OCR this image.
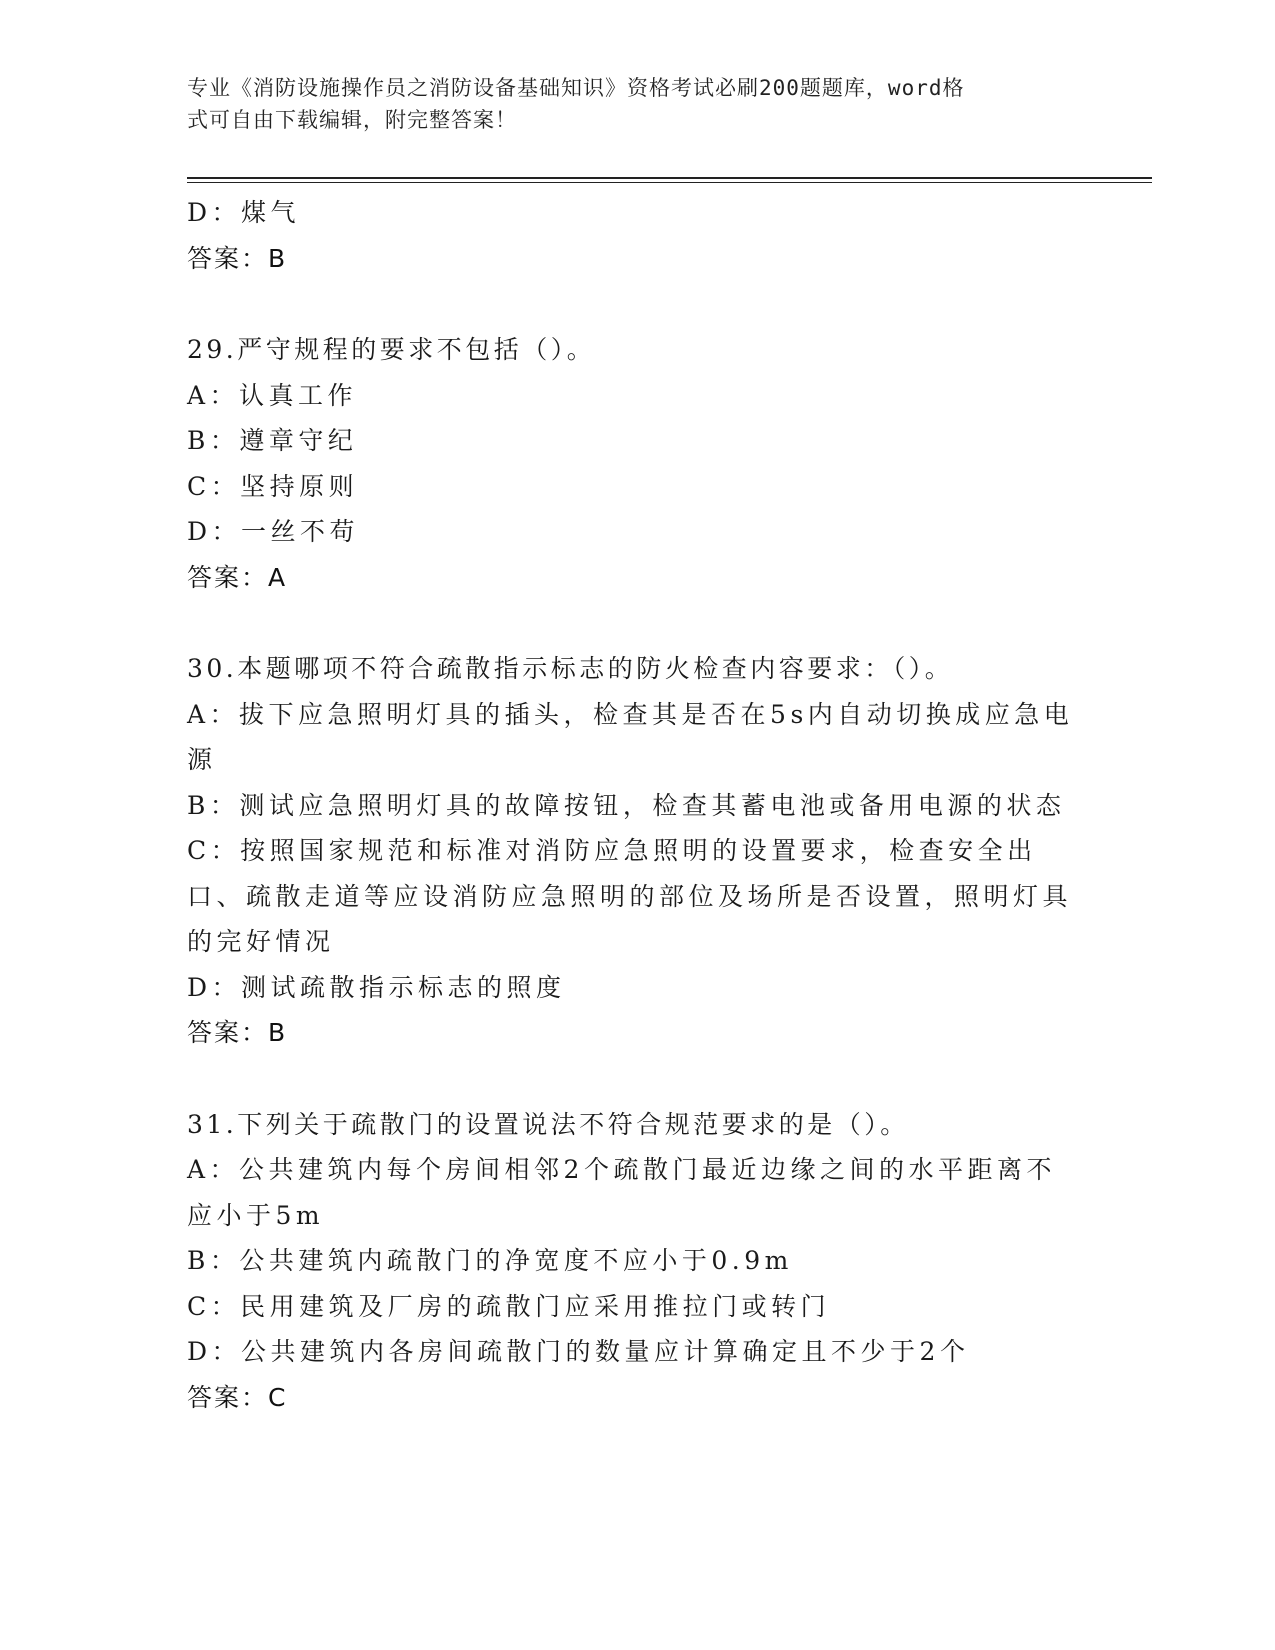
专业《消防设施操作员之消防设备基础知识》资格考试必刷200题题库，word格
式可自由下载编辑，附完整答案！
D：煤气
答案：B
29.严守规程的要求不包括（）。
A：认真工作
B：遵章守纪
C：坚持原则
D：一丝不苟
答案：A
30.本题哪项不符合疏散指示标志的防火检查内容要求：（）。
A：拔下应急照明灯具的插头，检查其是否在5s内自动切换成应急电源
B：测试应急照明灯具的故障按钮，检查其蓄电池或备用电源的状态
C：按照国家规范和标准对消防应急照明的设置要求，检查安全出口、疏散走道等应设消防应急照明的部位及场所是否设置，照明灯具的完好情况
D：测试疏散指示标志的照度
答案：B
31.下列关于疏散门的设置说法不符合规范要求的是（）。
A：公共建筑内每个房间相邻2个疏散门最近边缘之间的水平距离不应小于5m
B：公共建筑内疏散门的净宽度不应小于0.9m
C：民用建筑及厂房的疏散门应采用推拉门或转门
D：公共建筑内各房间疏散门的数量应计算确定且不少于2个
答案：C
